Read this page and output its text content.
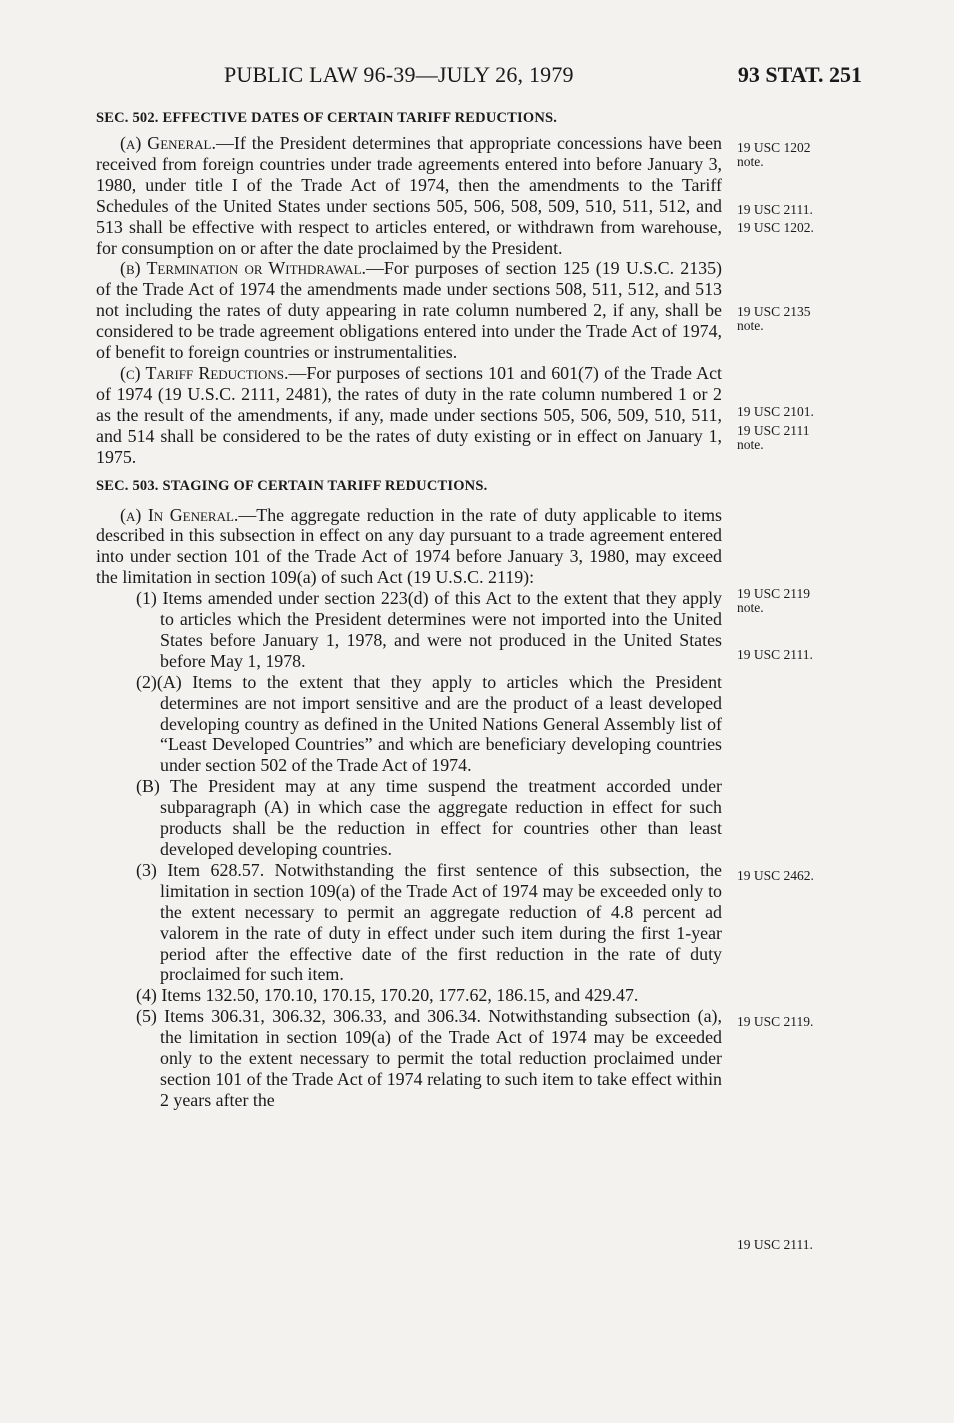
PUBLIC LAW 96-39—JULY 26, 1979	93 STAT. 251
SEC. 502. EFFECTIVE DATES OF CERTAIN TARIFF REDUCTIONS.

(a) General.—If the President determines that appropriate concessions have been received from foreign countries under trade agreements entered into before January 3, 1980, under title I of the Trade Act of 1974, then the amendments to the Tariff Schedules of the United States under sections 505, 506, 508, 509, 510, 511, 512, and 513 shall be effective with respect to articles entered, or withdrawn from warehouse, for consumption on or after the date proclaimed by the President.

(b) Termination or Withdrawal.—For purposes of section 125 (19 U.S.C. 2135) of the Trade Act of 1974 the amendments made under sections 508, 511, 512, and 513 not including the rates of duty appearing in rate column numbered 2, if any, shall be considered to be trade agreement obligations entered into under the Trade Act of 1974, of benefit to foreign countries or instrumentalities.

(c) Tariff Reductions.—For purposes of sections 101 and 601(7) of the Trade Act of 1974 (19 U.S.C. 2111, 2481), the rates of duty in the rate column numbered 1 or 2 as the result of the amendments, if any, made under sections 505, 506, 509, 510, 511, and 514 shall be considered to be the rates of duty existing or in effect on January 1, 1975.

SEC. 503. STAGING OF CERTAIN TARIFF REDUCTIONS.

(a) In General.—The aggregate reduction in the rate of duty applicable to items described in this subsection in effect on any day pursuant to a trade agreement entered into under section 101 of the Trade Act of 1974 before January 3, 1980, may exceed the limitation in section 109(a) of such Act (19 U.S.C. 2119):

(1) Items amended under section 223(d) of this Act to the extent that they apply to articles which the President determines were not imported into the United States before January 1, 1978, and were not produced in the United States before May 1, 1978.

(2)(A) Items to the extent that they apply to articles which the President determines are not import sensitive and are the product of a least developed developing country as defined in the United Nations General Assembly list of “Least Developed Countries” and which are beneficiary developing countries under section 502 of the Trade Act of 1974.

(B) The President may at any time suspend the treatment accorded under subparagraph (A) in which case the aggregate reduction in effect for such products shall be the reduction in effect for countries other than least developed developing countries.

(3) Item 628.57. Notwithstanding the first sentence of this subsection, the limitation in section 109(a) of the Trade Act of 1974 may be exceeded only to the extent necessary to permit an aggregate reduction of 4.8 percent ad valorem in the rate of duty in effect under such item during the first 1-year period after the effective date of the first reduction in the rate of duty proclaimed for such item.

(4) Items 132.50, 170.10, 170.15, 170.20, 177.62, 186.15, and 429.47.

(5) Items 306.31, 306.32, 306.33, and 306.34. Notwithstanding subsection (a), the limitation in section 109(a) of the Trade Act of 1974 may be exceeded only to the extent necessary to permit the total reduction proclaimed under section 101 of the Trade Act of 1974 relating to such item to take effect within 2 years after the

19 USC 1202
note.
19 USC 2111.
19 USC 1202.
19 USC 2135
note.
19 USC 2101.
19 USC 2111
note.
19 USC 2119
note.
19 USC 2111.
19 USC 2462.
19 USC 2119.
19 USC 2111.
